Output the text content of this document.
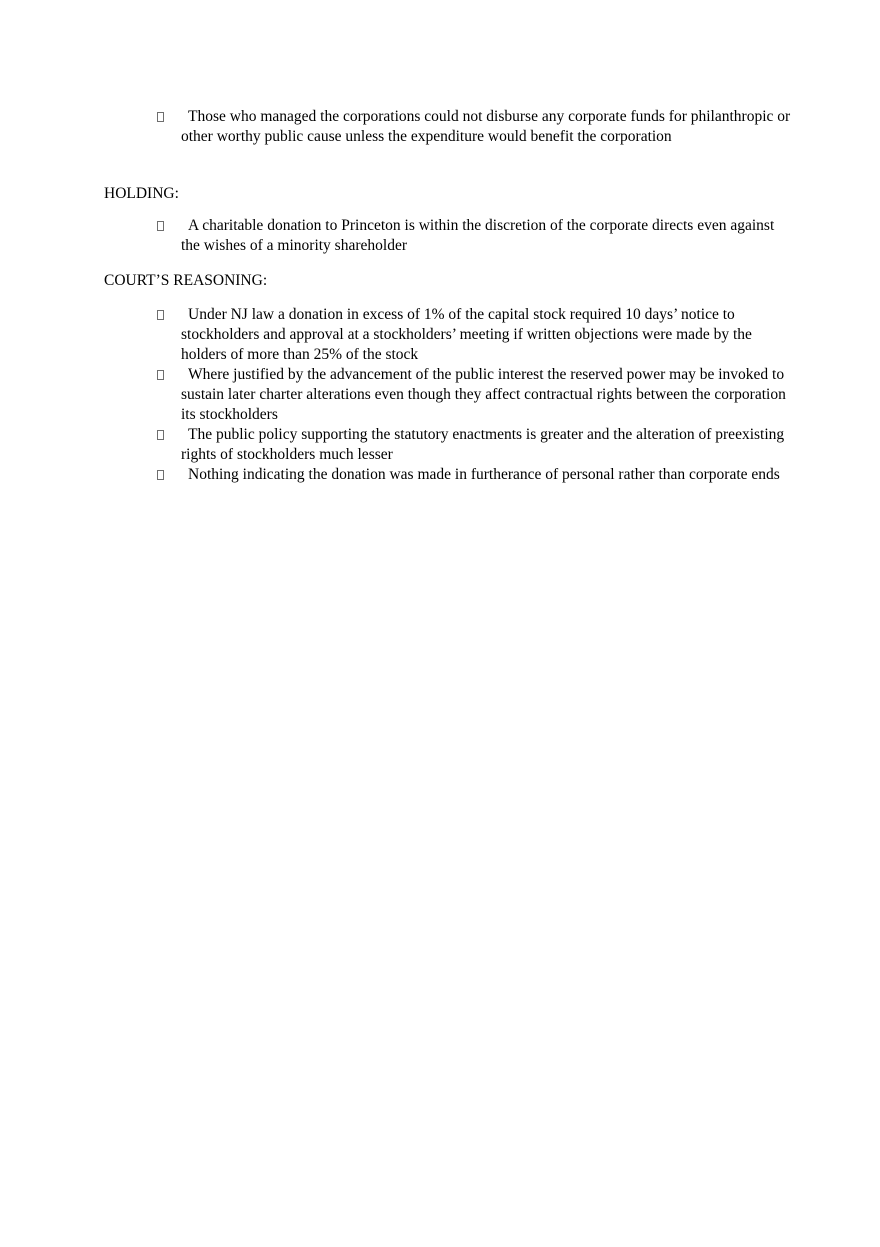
Those who managed the corporations could not disburse any corporate funds for philanthropic or other worthy public cause unless the expenditure would benefit the corporation
HOLDING:
A charitable donation to Princeton is within the discretion of the corporate directs even against the wishes of a minority shareholder
COURT’S REASONING:
Under NJ law a donation in excess of 1% of the capital stock required 10 days’ notice to stockholders and approval at a stockholders’ meeting if written objections were made by the holders of more than 25% of the stock
Where justified by the advancement of the public interest the reserved power may be invoked to sustain later charter alterations even though they affect contractual rights between the corporation its stockholders
The public policy supporting the statutory enactments is greater and the alteration of preexisting rights of stockholders much lesser
Nothing indicating the donation was made in furtherance of personal rather than corporate ends
